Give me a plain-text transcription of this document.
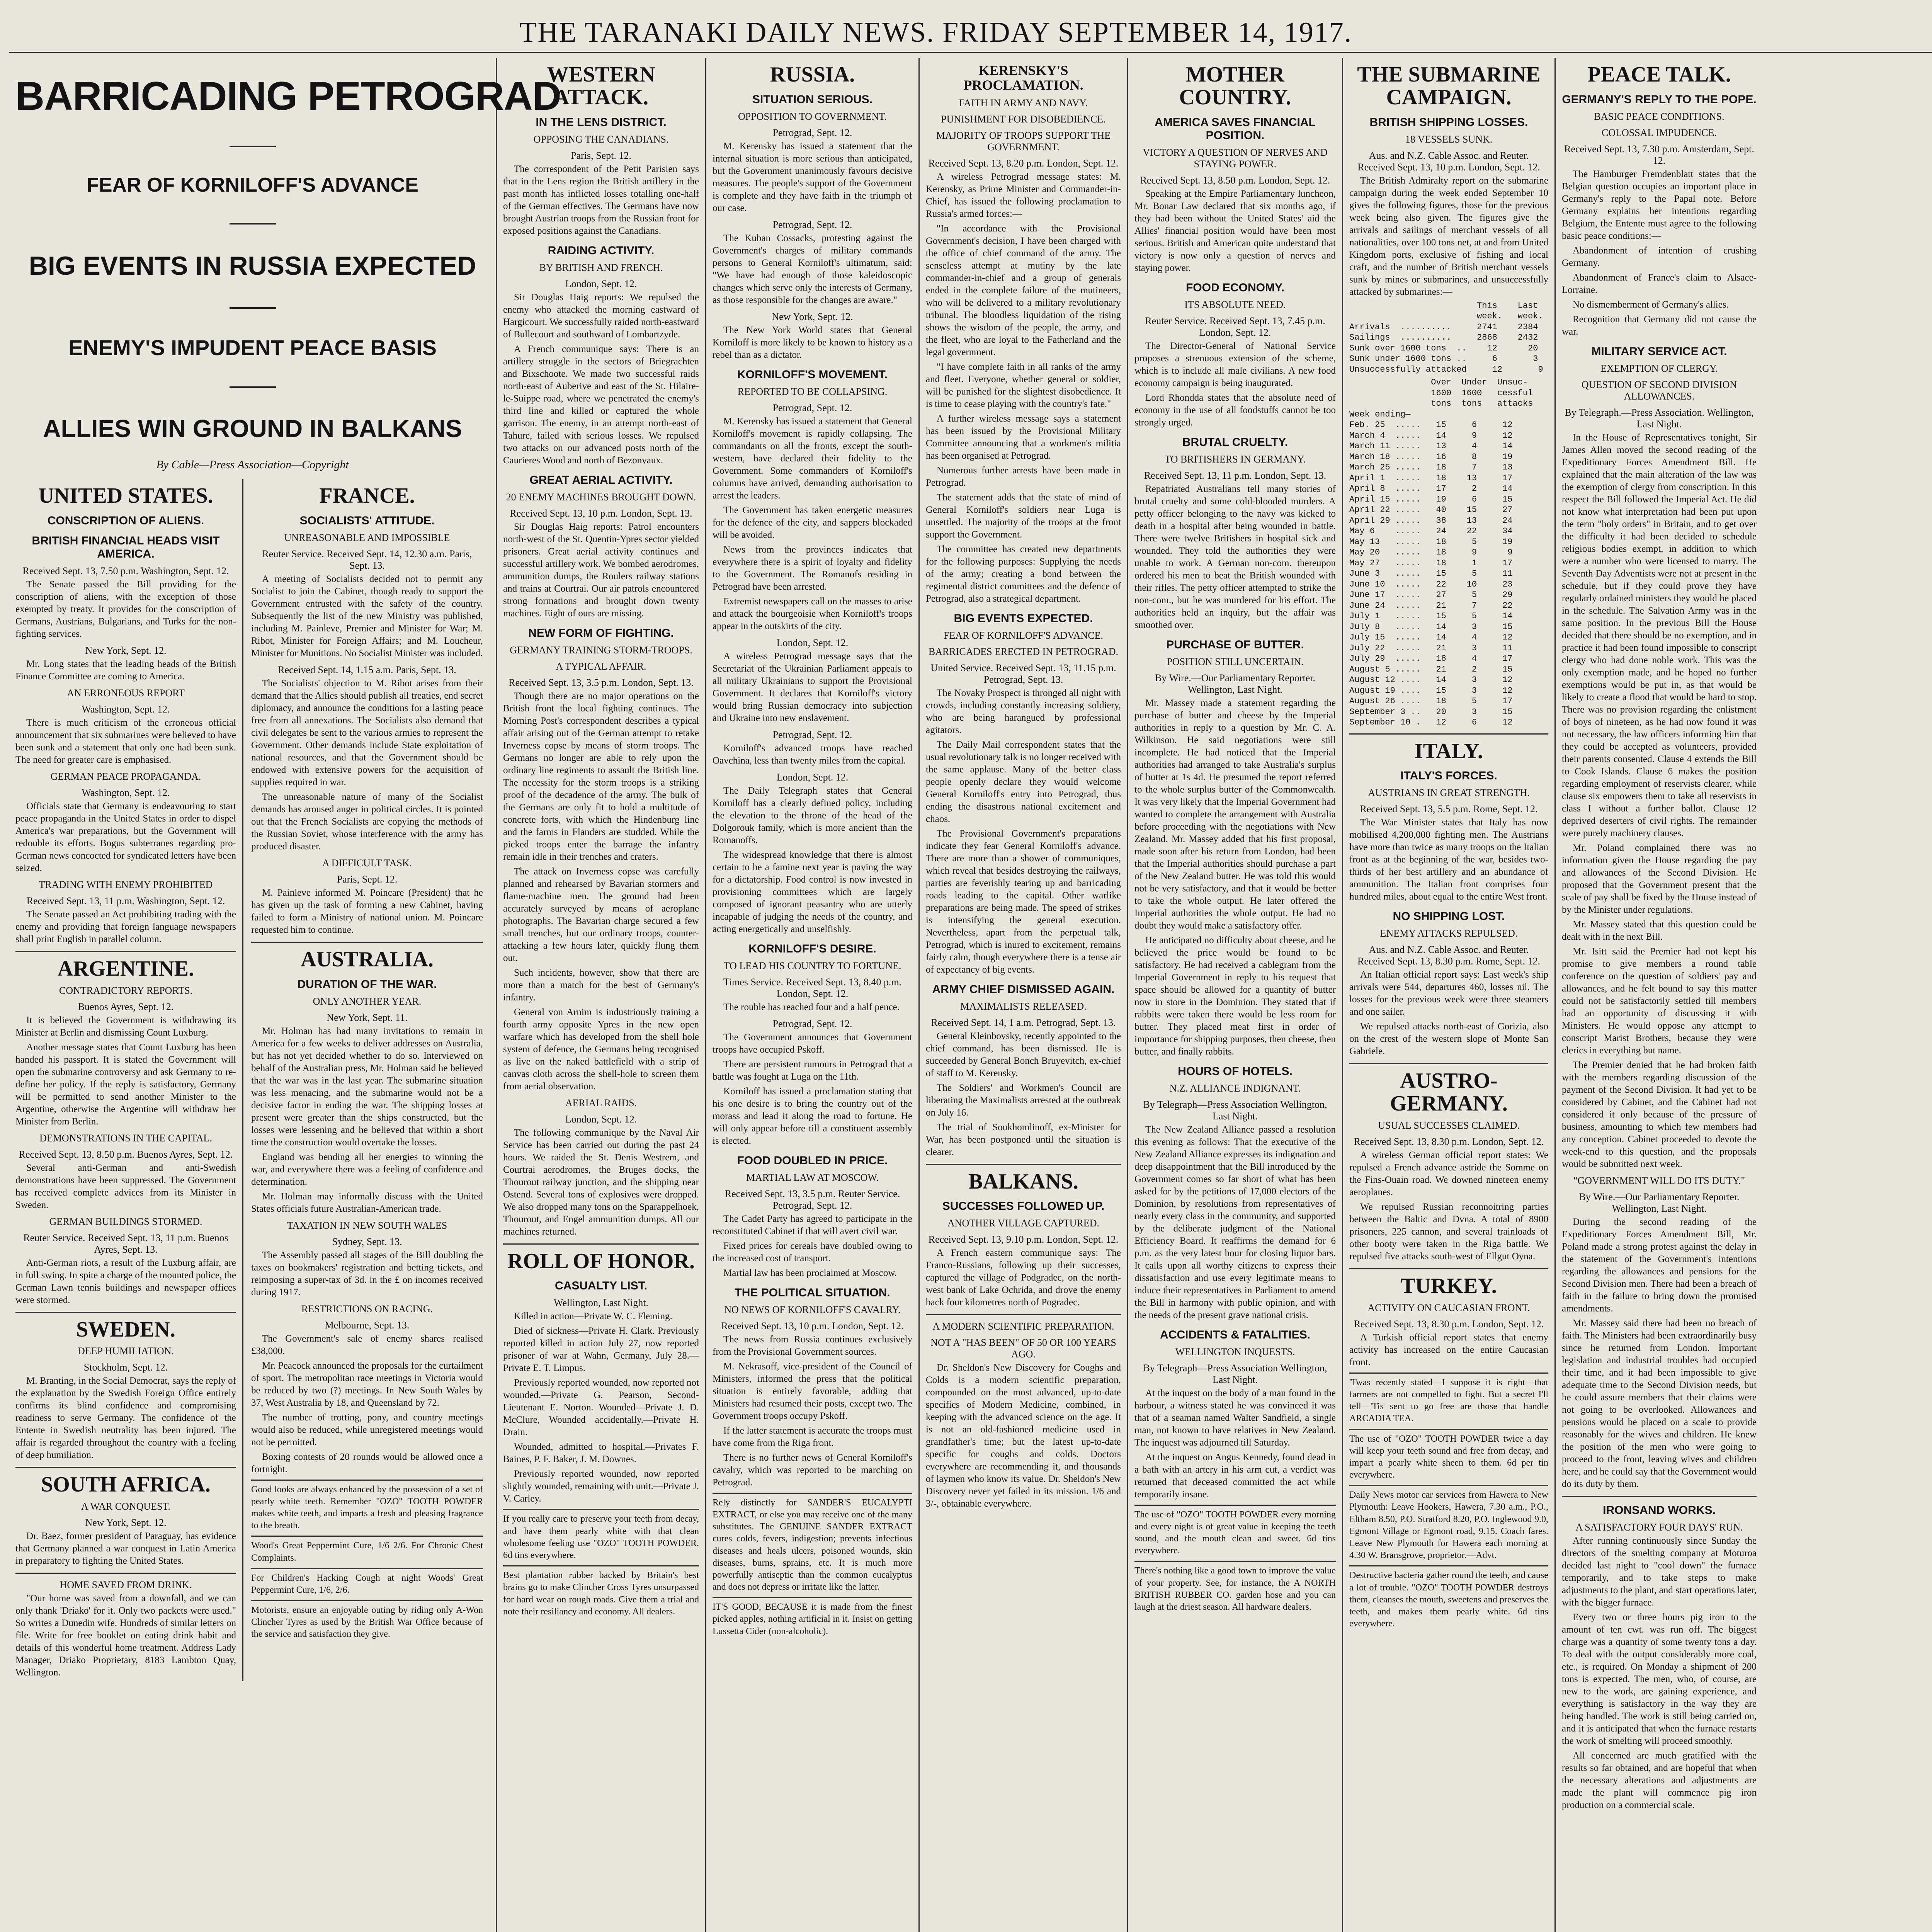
THE TARANAKI DAILY NEWS. FRIDAY SEPTEMBER 14, 1917.
BARRICADING PETROGRAD

FEAR OF KORNILOFF'S ADVANCE

BIG EVENTS IN RUSSIA EXPECTED

ENEMY'S IMPUDENT PEACE BASIS

ALLIES WIN GROUND IN BALKANS

By Cable—Press Association—Copyright
UNITED STATES.
CONSCRIPTION OF ALIENS.
BRITISH FINANCIAL HEADS VISIT AMERICA.
Received Sept. 13, 7.50 p.m. Washington, Sept. 12.

The Senate passed the Bill providing for the conscription of aliens, with the exception of those exempted by treaty. It provides for the conscription of Germans, Austrians, Bulgarians, and Turks for the non-fighting services.

New York, Sept. 12.

Mr. Long states that the leading heads of the British Finance Committee are coming to America.

AN ERRONEOUS REPORT
Washington, Sept. 12.

There is much criticism of the erroneous official announcement that six submarines were believed to have been sunk and a statement that only one had been sunk. The need for greater care is emphasised.

GERMAN PEACE PROPAGANDA.
Washington, Sept. 12.

Officials state that Germany is endeavouring to start peace propaganda in the United States in order to dispel America's war preparations, but the Government will redouble its efforts. Bogus subterranes regarding pro-German news concocted for syndicated letters have been seized.

TRADING WITH ENEMY PROHIBITED
Received Sept. 13, 11 p.m. Washington, Sept. 12.

The Senate passed an Act prohibiting trading with the enemy and providing that foreign language newspapers shall print English in parallel column.

ARGENTINE.
CONTRADICTORY REPORTS.
Buenos Ayres, Sept. 12.

It is believed the Government is withdrawing its Minister at Berlin and dismissing Count Luxburg.

Another message states that Count Luxburg has been handed his passport. It is stated the Government will open the submarine controversy and ask Germany to re-define her policy. If the reply is satisfactory, Germany will be permitted to send another Minister to the Argentine, otherwise the Argentine will withdraw her Minister from Berlin.

DEMONSTRATIONS IN THE CAPITAL.
Received Sept. 13, 8.50 p.m. Buenos Ayres, Sept. 12.

Several anti-German and anti-Swedish demonstrations have been suppressed. The Government has received complete advices from its Minister in Sweden.

GERMAN BUILDINGS STORMED.
Reuter Service. Received Sept. 13, 11 p.m. Buenos Ayres, Sept. 13.

Anti-German riots, a result of the Luxburg affair, are in full swing. In spite a charge of the mounted police, the German Lawn tennis buildings and newspaper offices were stormed.

SWEDEN.
DEEP HUMILIATION.
Stockholm, Sept. 12.

M. Branting, in the Social Democrat, says the reply of the explanation by the Swedish Foreign Office entirely confirms its blind confidence and compromising readiness to serve Germany. The confidence of the Entente in Swedish neutrality has been injured. The affair is regarded throughout the country with a feeling of deep humiliation.

SOUTH AFRICA.
A WAR CONQUEST.
New York, Sept. 12.

Dr. Baez, former president of Paraguay, has evidence that Germany planned a war conquest in Latin America in preparatory to fighting the United States.

HOME SAVED FROM DRINK.

"Our home was saved from a downfall, and we can only thank 'Driako' for it. Only two packets were used." So writes a Dunedin wife. Hundreds of similar letters on file. Write for free booklet on eating drink habit and details of this wonderful home treatment. Address Lady Manager, Driako Proprietary, 8183 Lambton Quay, Wellington.

FRANCE.
SOCIALISTS' ATTITUDE.
UNREASONABLE AND IMPOSSIBLE
Reuter Service. Received Sept. 14, 12.30 a.m. Paris, Sept. 13.

A meeting of Socialists decided not to permit any Socialist to join the Cabinet, though ready to support the Government entrusted with the safety of the country. Subsequently the list of the new Ministry was published, including M. Painleve, Premier and Minister for War; M. Ribot, Minister for Foreign Affairs; and M. Loucheur, Minister for Munitions. No Socialist Minister was included.

Received Sept. 14, 1.15 a.m. Paris, Sept. 13.

The Socialists' objection to M. Ribot arises from their demand that the Allies should publish all treaties, end secret diplomacy, and announce the conditions for a lasting peace free from all annexations. The Socialists also demand that civil delegates be sent to the various armies to represent the Government. Other demands include State exploitation of national resources, and that the Government should be endowed with extensive powers for the acquisition of supplies required in war.

The unreasonable nature of many of the Socialist demands has aroused anger in political circles. It is pointed out that the French Socialists are copying the methods of the Russian Soviet, whose interference with the army has produced disaster.

A DIFFICULT TASK.
Paris, Sept. 12.

M. Painleve informed M. Poincare (President) that he has given up the task of forming a new Cabinet, having failed to form a Ministry of national union. M. Poincare requested him to continue.

AUSTRALIA.
DURATION OF THE WAR.
ONLY ANOTHER YEAR.
New York, Sept. 11.

Mr. Holman has had many invitations to remain in America for a few weeks to deliver addresses on Australia, but has not yet decided whether to do so. Interviewed on behalf of the Australian press, Mr. Holman said he believed that the war was in the last year. The submarine situation was less menacing, and the submarine would not be a decisive factor in ending the war. The shipping losses at present were greater than the ships constructed, but the losses were lessening and he believed that within a short time the construction would overtake the losses.

England was bending all her energies to winning the war, and everywhere there was a feeling of confidence and determination.

Mr. Holman may informally discuss with the United States officials future Australian-American trade.

TAXATION IN NEW SOUTH WALES
Sydney, Sept. 13.

The Assembly passed all stages of the Bill doubling the taxes on bookmakers' registration and betting tickets, and reimposing a super-tax of 3d. in the £ on incomes received during 1917.

RESTRICTIONS ON RACING.
Melbourne, Sept. 13.

The Government's sale of enemy shares realised £38,000.

Mr. Peacock announced the proposals for the curtailment of sport. The metropolitan race meetings in Victoria would be reduced by two (?) meetings. In New South Wales by 37, West Australia by 18, and Queensland by 72.

The number of trotting, pony, and country meetings would also be reduced, while unregistered meetings would not be permitted.

Boxing contests of 20 rounds would be allowed once a fortnight.

Good looks are always enhanced by the possession of a set of pearly white teeth. Remember "OZO" TOOTH POWDER makes white teeth, and imparts a fresh and pleasing fragrance to the breath.
Wood's Great Peppermint Cure, 1/6 2/6. For Chronic Chest Complaints.
For Children's Hacking Cough at night Woods' Great Peppermint Cure, 1/6, 2/6.
Motorists, ensure an enjoyable outing by riding only A-Won Clincher Tyres as used by the British War Office because of the service and satisfaction they give.
WESTERN ATTACK.
IN THE LENS DISTRICT.
OPPOSING THE CANADIANS.
Paris, Sept. 12.

The correspondent of the Petit Parisien says that in the Lens region the British artillery in the past month has inflicted losses totalling one-half of the German effectives. The Germans have now brought Austrian troops from the Russian front for exposed positions against the Canadians.

RAIDING ACTIVITY.
BY BRITISH AND FRENCH.
London, Sept. 12.

Sir Douglas Haig reports: We repulsed the enemy who attacked the morning eastward of Hargicourt. We successfully raided north-eastward of Bullecourt and southward of Lombartzyde.

A French communique says: There is an artillery struggle in the sectors of Briegrachten and Bixschoote. We made two successful raids north-east of Auberive and east of the St. Hilaire-le-Suippe road, where we penetrated the enemy's third line and killed or captured the whole garrison. The enemy, in an attempt north-east of Tahure, failed with serious losses. We repulsed two attacks on our advanced posts north of the Caurieres Wood and north of Bezonvaux.

GREAT AERIAL ACTIVITY.
20 ENEMY MACHINES BROUGHT DOWN.
Received Sept. 13, 10 p.m. London, Sept. 13.

Sir Douglas Haig reports: Patrol encounters north-west of the St. Quentin-Ypres sector yielded prisoners. Great aerial activity continues and successful artillery work. We bombed aerodromes, ammunition dumps, the Roulers railway stations and trains at Courtrai. Our air patrols encountered strong formations and brought down twenty machines. Eight of ours are missing.

NEW FORM OF FIGHTING.
GERMANY TRAINING STORM-TROOPS.
A TYPICAL AFFAIR.
Received Sept. 13, 3.5 p.m. London, Sept. 13.

Though there are no major operations on the British front the local fighting continues. The Morning Post's correspondent describes a typical affair arising out of the German attempt to retake Inverness copse by means of storm troops. The Germans no longer are able to rely upon the ordinary line regiments to assault the British line. The necessity for the storm troops is a striking proof of the decadence of the army. The bulk of the Germans are only fit to hold a multitude of concrete forts, with which the Hindenburg line and the farms in Flanders are studded. While the picked troops enter the barrage the infantry remain idle in their trenches and craters.

The attack on Inverness copse was carefully planned and rehearsed by Bavarian stormers and flame-machine men. The ground had been accurately surveyed by means of aeroplane photographs. The Bavarian charge secured a few small trenches, but our ordinary troops, counter-attacking a few hours later, quickly flung them out.

Such incidents, however, show that there are more than a match for the best of Germany's infantry.

General von Arnim is industriously training a fourth army opposite Ypres in the new open warfare which has developed from the shell hole system of defence, the Germans being recognised as live on the naked battlefield with a strip of canvas cloth across the shell-hole to screen them from aerial observation.

AERIAL RAIDS.
London, Sept. 12.

The following communique by the Naval Air Service has been carried out during the past 24 hours. We raided the St. Denis Westrem, and Courtrai aerodromes, the Bruges docks, the Thourout railway junction, and the shipping near Ostend. Several tons of explosives were dropped. We also dropped many tons on the Sparappelhoek, Thourout, and Engel ammunition dumps. All our machines returned.

ROLL OF HONOR.
CASUALTY LIST.
Wellington, Last Night.

Killed in action—Private W. C. Fleming.

Died of sickness—Private H. Clark. Previously reported killed in action July 27, now reported prisoner of war at Wahn, Germany, July 28.—Private E. T. Limpus.

Previously reported wounded, now reported not wounded.—Private G. Pearson, Second-Lieutenant E. Norton. Wounded—Private J. D. McClure, Wounded accidentally.—Private H. Drain.

Wounded, admitted to hospital.—Privates F. Baines, P. F. Baker, J. M. Downes.

Previously reported wounded, now reported slightly wounded, remaining with unit.—Private J. V. Carley.

If you really care to preserve your teeth from decay, and have them pearly white with that clean wholesome feeling use "OZO" TOOTH POWDER. 6d tins everywhere.
Best plantation rubber backed by Britain's best brains go to make Clincher Cross Tyres unsurpassed for hard wear on rough roads. Give them a trial and note their resiliancy and economy. All dealers.
RUSSIA.
SITUATION SERIOUS.
OPPOSITION TO GOVERNMENT.
Petrograd, Sept. 12.

M. Kerensky has issued a statement that the internal situation is more serious than anticipated, but the Government unanimously favours decisive measures. The people's support of the Government is complete and they have faith in the triumph of our case.

Petrograd, Sept. 12.

The Kuban Cossacks, protesting against the Government's charges of military commands persons to General Korniloff's ultimatum, said: "We have had enough of those kaleidoscopic changes which serve only the interests of Germany, as those responsible for the changes are aware."

New York, Sept. 12.

The New York World states that General Korniloff is more likely to be known to history as a rebel than as a dictator.

KORNILOFF'S MOVEMENT.
REPORTED TO BE COLLAPSING.
Petrograd, Sept. 12.

M. Kerensky has issued a statement that General Korniloff's movement is rapidly collapsing. The commandants on all the fronts, except the south-western, have declared their fidelity to the Government. Some commanders of Korniloff's columns have arrived, demanding authorisation to arrest the leaders.

The Government has taken energetic measures for the defence of the city, and sappers blockaded will be avoided.

News from the provinces indicates that everywhere there is a spirit of loyalty and fidelity to the Government. The Romanofs residing in Petrograd have been arrested.

Extremist newspapers call on the masses to arise and attack the bourgeoisie when Korniloff's troops appear in the outskirts of the city.

London, Sept. 12.

A wireless Petrograd message says that the Secretariat of the Ukrainian Parliament appeals to all military Ukrainians to support the Provisional Government. It declares that Korniloff's victory would bring Russian democracy into subjection and Ukraine into new enslavement.

Petrograd, Sept. 12.

Korniloff's advanced troops have reached Oavchina, less than twenty miles from the capital.

London, Sept. 12.

The Daily Telegraph states that General Korniloff has a clearly defined policy, including the elevation to the throne of the head of the Dolgorouk family, which is more ancient than the Romanoffs.

The widespread knowledge that there is almost certain to be a famine next year is paving the way for a dictatorship. Food control is now invested in provisioning committees which are largely composed of ignorant peasantry who are utterly incapable of judging the needs of the country, and acting energetically and unselfishly.

KORNILOFF'S DESIRE.
TO LEAD HIS COUNTRY TO FORTUNE.
Times Service. Received Sept. 13, 8.40 p.m. London, Sept. 12.

The rouble has reached four and a half pence.

Petrograd, Sept. 12.

The Government announces that Government troops have occupied Pskoff.

There are persistent rumours in Petrograd that a battle was fought at Luga on the 11th.

Korniloff has issued a proclamation stating that his one desire is to bring the country out of the morass and lead it along the road to fortune. He will only appear before till a constituent assembly is elected.

FOOD DOUBLED IN PRICE.
MARTIAL LAW AT MOSCOW.
Received Sept. 13, 3.5 p.m. Reuter Service. Petrograd, Sept. 12.

The Cadet Party has agreed to participate in the reconstituted Cabinet if that will avert civil war.

Fixed prices for cereals have doubled owing to the increased cost of transport.

Martial law has been proclaimed at Moscow.

THE POLITICAL SITUATION.
NO NEWS OF KORNILOFF'S CAVALRY.
Received Sept. 13, 10 p.m. London, Sept. 12.

The news from Russia continues exclusively from the Provisional Government sources.

M. Nekrasoff, vice-president of the Council of Ministers, informed the press that the political situation is entirely favorable, adding that Ministers had resumed their posts, except two. The Government troops occupy Pskoff.

If the latter statement is accurate the troops must have come from the Riga front.

There is no further news of General Korniloff's cavalry, which was reported to be marching on Petrograd.

Rely distinctly for SANDER'S EUCALYPTI EXTRACT, or else you may receive one of the many substitutes. The GENUINE SANDER EXTRACT cures colds, fevers, indigestion; prevents infectious diseases and heals ulcers, poisoned wounds, skin diseases, burns, sprains, etc. It is much more powerfully antiseptic than the common eucalyptus and does not depress or irritate like the latter.
IT'S GOOD, BECAUSE it is made from the finest picked apples, nothing artificial in it. Insist on getting Lussetta Cider (non-alcoholic).
KERENSKY'S PROCLAMATION.
FAITH IN ARMY AND NAVY.
PUNISHMENT FOR DISOBEDIENCE.
MAJORITY OF TROOPS SUPPORT THE GOVERNMENT.
Received Sept. 13, 8.20 p.m. London, Sept. 12.

A wireless Petrograd message states: M. Kerensky, as Prime Minister and Commander-in-Chief, has issued the following proclamation to Russia's armed forces:—

"In accordance with the Provisional Government's decision, I have been charged with the office of chief command of the army. The senseless attempt at mutiny by the late commander-in-chief and a group of generals ended in the complete failure of the mutineers, who will be delivered to a military revolutionary tribunal. The bloodless liquidation of the rising shows the wisdom of the people, the army, and the fleet, who are loyal to the Fatherland and the legal government.

"I have complete faith in all ranks of the army and fleet. Everyone, whether general or soldier, will be punished for the slightest disobedience. It is time to cease playing with the country's fate."

A further wireless message says a statement has been issued by the Provisional Military Committee announcing that a workmen's militia has been organised at Petrograd.

Numerous further arrests have been made in Petrograd.

The statement adds that the state of mind of General Korniloff's soldiers near Luga is unsettled. The majority of the troops at the front support the Government.

The committee has created new departments for the following purposes: Supplying the needs of the army; creating a bond between the regimental district committees and the defence of Petrograd, also a strategical department.

BIG EVENTS EXPECTED.
FEAR OF KORNILOFF'S ADVANCE.
BARRICADES ERECTED IN PETROGRAD.
United Service. Received Sept. 13, 11.15 p.m. Petrograd, Sept. 13.

The Novaky Prospect is thronged all night with crowds, including constantly increasing soldiery, who are being harangued by professional agitators.

The Daily Mail correspondent states that the usual revolutionary talk is no longer received with the same applause. Many of the better class people openly declare they would welcome General Korniloff's entry into Petrograd, thus ending the disastrous national excitement and chaos.

The Provisional Government's preparations indicate they fear General Korniloff's advance. There are more than a shower of communiques, which reveal that besides destroying the railways, parties are feverishly tearing up and barricading roads leading to the capital. Other warlike preparations are being made. The speed of strikes is intensifying the general execution. Nevertheless, apart from the perpetual talk, Petrograd, which is inured to excitement, remains fairly calm, though everywhere there is a tense air of expectancy of big events.

ARMY CHIEF DISMISSED AGAIN.
MAXIMALISTS RELEASED.
Received Sept. 14, 1 a.m. Petrograd, Sept. 13.

General Kleinbovsky, recently appointed to the chief command, has been dismissed. He is succeeded by General Bonch Bruyevitch, ex-chief of staff to M. Kerensky.

The Soldiers' and Workmen's Council are liberating the Maximalists arrested at the outbreak on July 16.

The trial of Soukhomlinoff, ex-Minister for War, has been postponed until the situation is clearer.

BALKANS.
SUCCESSES FOLLOWED UP.
ANOTHER VILLAGE CAPTURED.
Received Sept. 13, 9.10 p.m. London, Sept. 12.

A French eastern communique says: The Franco-Russians, following up their successes, captured the village of Podgradec, on the north-west bank of Lake Ochrida, and drove the enemy back four kilometres north of Pogradec.

A MODERN SCIENTIFIC PREPARATION.
NOT A "HAS BEEN" OF 50 OR 100 YEARS AGO.

Dr. Sheldon's New Discovery for Coughs and Colds is a modern scientific preparation, compounded on the most advanced, up-to-date specifics of Modern Medicine, combined, in keeping with the advanced science on the age. It is not an old-fashioned medicine used in grandfather's time; but the latest up-to-date specific for coughs and colds. Doctors everywhere are recommending it, and thousands of laymen who know its value. Dr. Sheldon's New Discovery never yet failed in its mission. 1/6 and 3/-, obtainable everywhere.

MOTHER COUNTRY.
AMERICA SAVES FINANCIAL POSITION.
VICTORY A QUESTION OF NERVES AND STAYING POWER.
Received Sept. 13, 8.50 p.m. London, Sept. 12.

Speaking at the Empire Parliamentary luncheon, Mr. Bonar Law declared that six months ago, if they had been without the United States' aid the Allies' financial position would have been most serious. British and American quite understand that victory is now only a question of nerves and staying power.

FOOD ECONOMY.
ITS ABSOLUTE NEED.
Reuter Service. Received Sept. 13, 7.45 p.m. London, Sept. 12.

The Director-General of National Service proposes a strenuous extension of the scheme, which is to include all male civilians. A new food economy campaign is being inaugurated.

Lord Rhondda states that the absolute need of economy in the use of all foodstuffs cannot be too strongly urged.

BRUTAL CRUELTY.
TO BRITISHERS IN GERMANY.
Received Sept. 13, 11 p.m. London, Sept. 13.

Repatriated Australians tell many stories of brutal cruelty and some cold-blooded murders. A petty officer belonging to the navy was kicked to death in a hospital after being wounded in battle. There were twelve Britishers in hospital sick and wounded. They told the authorities they were unable to work. A German non-com. thereupon ordered his men to beat the British wounded with their rifles. The petty officer attempted to strike the non-com., but he was murdered for his effort. The authorities held an inquiry, but the affair was smoothed over.

PURCHASE OF BUTTER.
POSITION STILL UNCERTAIN.
By Wire.—Our Parliamentary Reporter. Wellington, Last Night.

Mr. Massey made a statement regarding the purchase of butter and cheese by the Imperial authorities in reply to a question by Mr. C. A. Wilkinson. He said negotiations were still incomplete. He had noticed that the Imperial authorities had arranged to take Australia's surplus of butter at 1s 4d. He presumed the report referred to the whole surplus butter of the Commonwealth. It was very likely that the Imperial Government had wanted to complete the arrangement with Australia before proceeding with the negotiations with New Zealand. Mr. Massey added that his first proposal, made soon after his return from London, had been that the Imperial authorities should purchase a part of the New Zealand butter. He was told this would not be very satisfactory, and that it would be better to take the whole output. He later offered the Imperial authorities the whole output. He had no doubt they would make a satisfactory offer.

He anticipated no difficulty about cheese, and he believed the price would be found to be satisfactory. He had received a cablegram from the Imperial Government in reply to his request that space should be allowed for a quantity of butter now in store in the Dominion. They stated that if rabbits were taken there would be less room for butter. They placed meat first in order of importance for shipping purposes, then cheese, then butter, and finally rabbits.

HOURS OF HOTELS.
N.Z. ALLIANCE INDIGNANT.
By Telegraph—Press Association Wellington, Last Night.

The New Zealand Alliance passed a resolution this evening as follows: That the executive of the New Zealand Alliance expresses its indignation and deep disappointment that the Bill introduced by the Government comes so far short of what has been asked for by the petitions of 17,000 electors of the Dominion, by resolutions from representatives of nearly every class in the community, and supported by the deliberate judgment of the National Efficiency Board. It reaffirms the demand for 6 p.m. as the very latest hour for closing liquor bars. It calls upon all worthy citizens to express their dissatisfaction and use every legitimate means to induce their representatives in Parliament to amend the Bill in harmony with public opinion, and with the needs of the present grave national crisis.

ACCIDENTS & FATALITIES.
WELLINGTON INQUESTS.
By Telegraph—Press Association Wellington, Last Night.

At the inquest on the body of a man found in the harbour, a witness stated he was convinced it was that of a seaman named Walter Sandfield, a single man, not known to have relatives in New Zealand. The inquest was adjourned till Saturday.

At the inquest on Angus Kennedy, found dead in a bath with an artery in his arm cut, a verdict was returned that deceased committed the act while temporarily insane.

The use of "OZO" TOOTH POWDER every morning and every night is of great value in keeping the teeth sound, and the mouth clean and sweet. 6d tins everywhere.
There's nothing like a good town to improve the value of your property. See, for instance, the A NORTH BRITISH RUBBER CO. garden hose and you can laugh at the driest season. All hardware dealers.
THE SUBMARINE CAMPAIGN.
BRITISH SHIPPING LOSSES.
18 VESSELS SUNK.
Aus. and N.Z. Cable Assoc. and Reuter. Received Sept. 13, 10 p.m. London, Sept. 12.

The British Admiralty report on the submarine campaign during the week ended September 10 gives the following figures, those for the previous week being also given. The figures give the arrivals and sailings of merchant vessels of all nationalities, over 100 tons net, at and from United Kingdom ports, exclusive of fishing and local craft, and the number of British merchant vessels sunk by mines or submarines, and unsuccessfully attacked by submarines:—

This    Last
week.   week.
Arrivals  ..........     2741    2384
Sailings  ..........     2868    2432
Sunk over 1600 tons  ..    12      20
Sunk under 1600 tons ..     6       3
Unsuccessfully attacked     12       9
Over  Under  Unsuc-
1600  1600   cessful
tons  tons   attacks
Week ending—
Feb. 25  .....   15     6     12
March 4  .....   14     9     12
March 11 .....   13     4     14
March 18 .....   16     8     19
March 25 .....   18     7     13
April 1  .....   18    13     17
April 8  .....   17     2     14
April 15 .....   19     6     15
April 22 .....   40    15     27
April 29 .....   38    13     24
May 6    .....   24    22     34
May 13   .....   18     5     19
May 20   .....   18     9      9
May 27   .....   18     1     17
June 3   .....   15     5     11
June 10  .....   22    10     23
June 17  .....   27     5     29
June 24  .....   21     7     22
July 1   .....   15     5     14
July 8   .....   14     3     15
July 15  .....   14     4     12
July 22  .....   21     3     11
July 29  .....   18     4     17
August 5 .....   21     2     15
August 12 ....   14     3     12
August 19 ....   15     3     12
August 26 ....   18     5     17
September 3 ..   20     3     15
September 10 .   12     6     12
ITALY.
ITALY'S FORCES.
AUSTRIANS IN GREAT STRENGTH.
Received Sept. 13, 5.5 p.m. Rome, Sept. 12.

The War Minister states that Italy has now mobilised 4,200,000 fighting men. The Austrians have more than twice as many troops on the Italian front as at the beginning of the war, besides two-thirds of her best artillery and an abundance of ammunition. The Italian front comprises four hundred miles, about equal to the entire West front.

NO SHIPPING LOST.
ENEMY ATTACKS REPULSED.
Aus. and N.Z. Cable Assoc. and Reuter. Received Sept. 13, 8.30 p.m. Rome, Sept. 12.

An Italian official report says: Last week's ship arrivals were 544, departures 460, losses nil. The losses for the previous week were three steamers and one sailer.

We repulsed attacks north-east of Gorizia, also on the crest of the western slope of Monte San Gabriele.

AUSTRO-GERMANY.
USUAL SUCCESSES CLAIMED.
Received Sept. 13, 8.30 p.m. London, Sept. 12.

A wireless German official report states: We repulsed a French advance astride the Somme on the Fins-Ouain road. We downed nineteen enemy aeroplanes.

We repulsed Russian reconnoitring parties between the Baltic and Dvna. A total of 8900 prisoners, 225 cannon, and several trainloads of other booty were taken in the Riga battle. We repulsed five attacks south-west of Ellgut Oyna.

TURKEY.
ACTIVITY ON CAUCASIAN FRONT.
Received Sept. 13, 8.30 p.m. London, Sept. 12.

A Turkish official report states that enemy activity has increased on the entire Caucasian front.

'Twas recently stated—I suppose it is right—that farmers are not compelled to fight. But a secret I'll tell—'Tis sent to go free are those that handle ARCADIA TEA.
The use of "OZO" TOOTH POWDER twice a day will keep your teeth sound and free from decay, and impart a pearly white sheen to them. 6d per tin everywhere.
Daily News motor car services from Hawera to New Plymouth: Leave Hookers, Hawera, 7.30 a.m., P.O., Eltham 8.50, P.O. Stratford 8.20, P.O. Inglewood 9.0, Egmont Village or Egmont road, 9.15. Coach fares. Leave New Plymouth for Hawera each morning at 4.30 W. Bransgrove, proprietor.—Advt.
Destructive bacteria gather round the teeth, and cause a lot of trouble. "OZO" TOOTH POWDER destroys them, cleanses the mouth, sweetens and preserves the teeth, and makes them pearly white. 6d tins everywhere.
PEACE TALK.
GERMANY'S REPLY TO THE POPE.
BASIC PEACE CONDITIONS.
COLOSSAL IMPUDENCE.
Received Sept. 13, 7.30 p.m. Amsterdam, Sept. 12.

The Hamburger Fremdenblatt states that the Belgian question occupies an important place in Germany's reply to the Papal note. Before Germany explains her intentions regarding Belgium, the Entente must agree to the following basic peace conditions:—

Abandonment of intention of crushing Germany.

Abandonment of France's claim to Alsace-Lorraine.

No dismemberment of Germany's allies.

Recognition that Germany did not cause the war.

MILITARY SERVICE ACT.
EXEMPTION OF CLERGY.
QUESTION OF SECOND DIVISION ALLOWANCES.
By Telegraph.—Press Association. Wellington, Last Night.

In the House of Representatives tonight, Sir James Allen moved the second reading of the Expeditionary Forces Amendment Bill. He explained that the main alteration of the law was the exemption of clergy from conscription. In this respect the Bill followed the Imperial Act. He did not know what interpretation had been put upon the term "holy orders" in Britain, and to get over the difficulty it had been decided to schedule religious bodies exempt, in addition to which were a number who were licensed to marry. The Seventh Day Adventists were not at present in the schedule, but if they could prove they have regularly ordained ministers they would be placed in the schedule. The Salvation Army was in the same position. In the previous Bill the House decided that there should be no exemption, and in practice it had been found impossible to conscript clergy who had done noble work. This was the only exemption made, and he hoped no further exemptions would be put in, as that would be likely to create a flood that would be hard to stop. There was no provision regarding the enlistment of boys of nineteen, as he had now found it was not necessary, the law officers informing him that they could be accepted as volunteers, provided their parents consented. Clause 4 extends the Bill to Cook Islands. Clause 6 makes the position regarding employment of reservists clearer, while clause six empowers them to take all reservists in class I without a further ballot. Clause 12 deprived deserters of civil rights. The remainder were purely machinery clauses.

Mr. Poland complained there was no information given the House regarding the pay and allowances of the Second Division. He proposed that the Government present that the scale of pay shall be fixed by the House instead of by the Minister under regulations.

Mr. Massey stated that this question could be dealt with in the next Bill.

Mr. Isitt said the Premier had not kept his promise to give members a round table conference on the question of soldiers' pay and allowances, and he felt bound to say this matter could not be satisfactorily settled till members had an opportunity of discussing it with Ministers. He would oppose any attempt to conscript Marist Brothers, because they were clerics in everything but name.

The Premier denied that he had broken faith with the members regarding discussion of the payment of the Second Division. It had yet to be considered by Cabinet, and the Cabinet had not considered it only because of the pressure of business, amounting to which few members had any conception. Cabinet proceeded to devote the week-end to this question, and the proposals would be submitted next week.

"GOVERNMENT WILL DO ITS DUTY."
By Wire.—Our Parliamentary Reporter. Wellington, Last Night.

During the second reading of the Expeditionary Forces Amendment Bill, Mr. Poland made a strong protest against the delay in the statement of the Government's intentions regarding the allowances and pensions for the Second Division men. There had been a breach of faith in the failure to bring down the promised amendments.

Mr. Massey said there had been no breach of faith. The Ministers had been extraordinarily busy since he returned from London. Important legislation and industrial troubles had occupied their time, and it had been impossible to give adequate time to the Second Division needs, but he could assure members that their claims were not going to be overlooked. Allowances and pensions would be placed on a scale to provide reasonably for the wives and children. He knew the position of the men who were going to proceed to the front, leaving wives and children here, and he could say that the Government would do its duty by them.

IRONSAND WORKS.
A SATISFACTORY FOUR DAYS' RUN.

After running continuously since Sunday the directors of the smelting company at Moturoa decided last night to "cool down" the furnace temporarily, and to take steps to make adjustments to the plant, and start operations later, with the bigger furnace.

Every two or three hours pig iron to the amount of ten cwt. was run off. The biggest charge was a quantity of some twenty tons a day. To deal with the output considerably more coal, etc., is required. On Monday a shipment of 200 tons is expected. The men, who, of course, are new to the work, are gaining experience, and everything is satisfactory in the way they are being handled. The work is still being carried on, and it is anticipated that when the furnace restarts the work of smelting will proceed smoothly.

All concerned are much gratified with the results so far obtained, and are hopeful that when the necessary alterations and adjustments are made the plant will commence pig iron production on a commercial scale.
